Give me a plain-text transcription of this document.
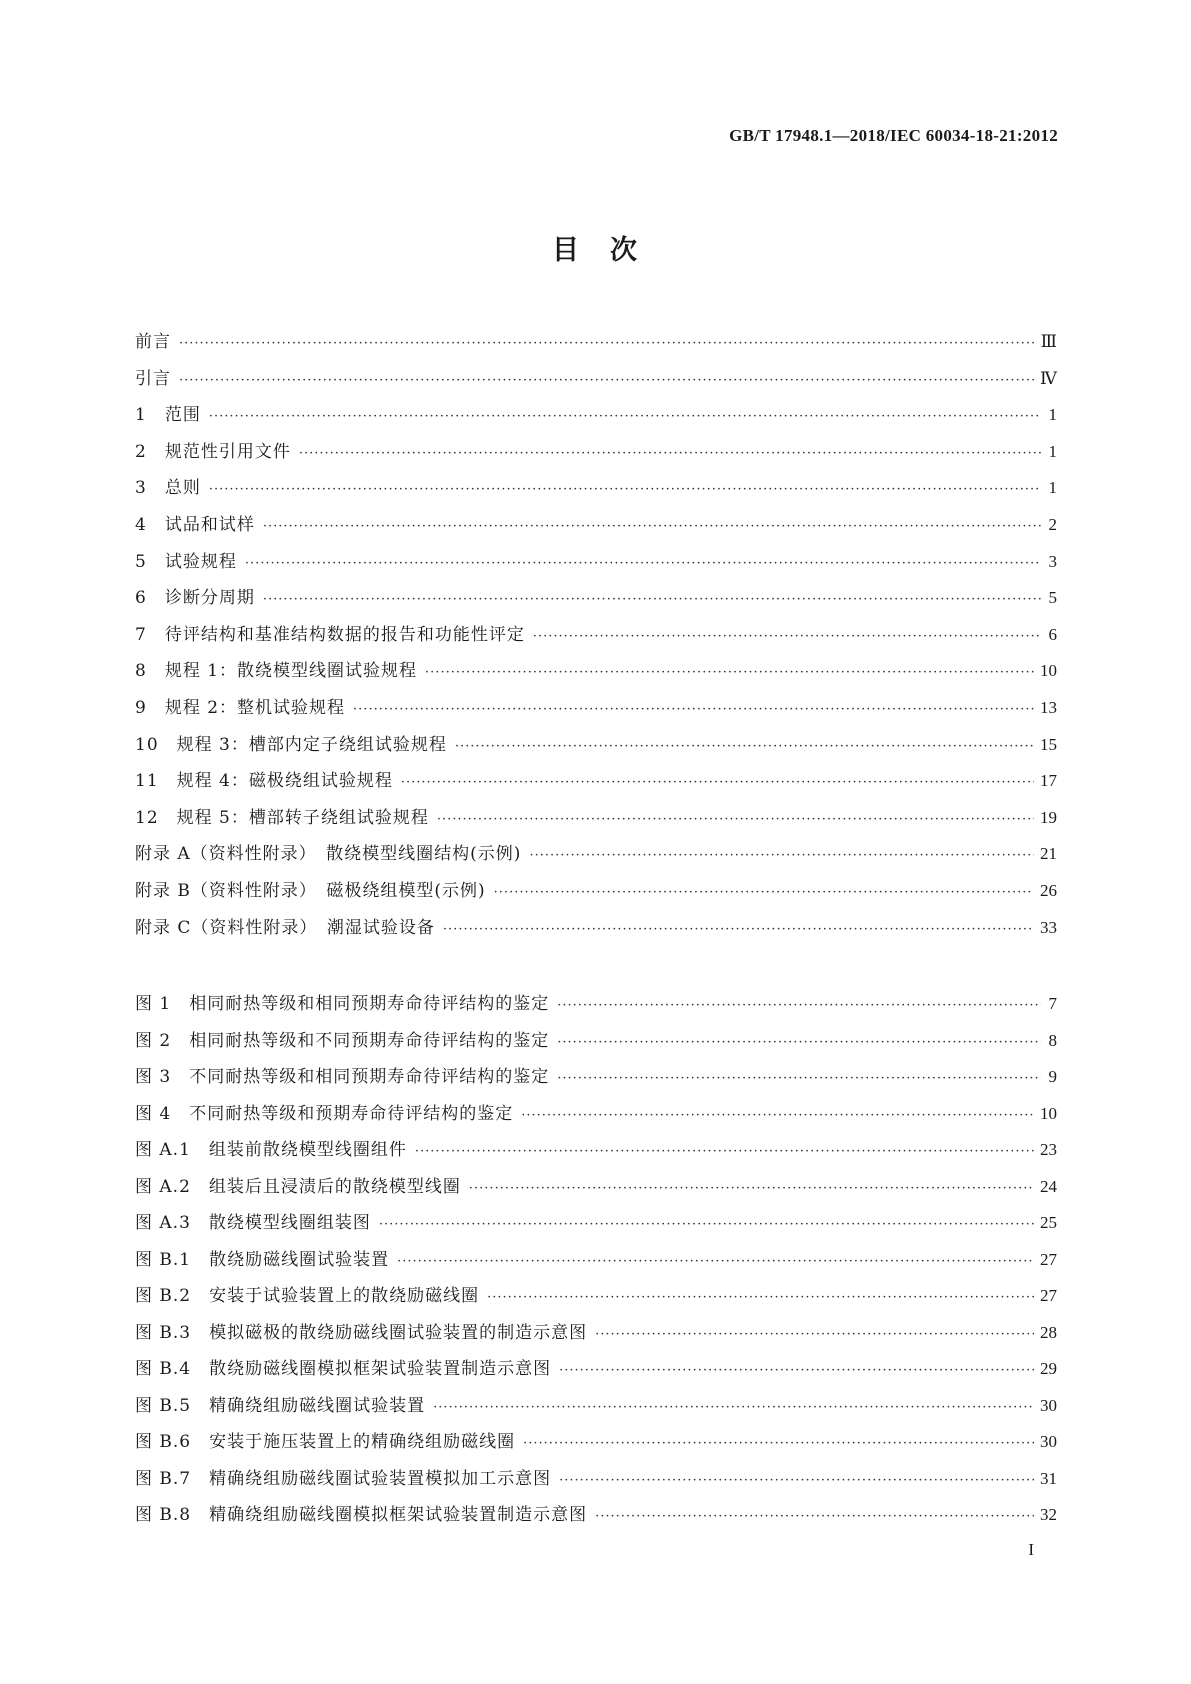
GB/T 17948.1—2018/IEC 60034-18-21:2012
目　次
前言 ·····	Ⅲ
引言 ·····	Ⅳ
1　范围 ·····	1
2　规范性引用文件 ·····	1
3　总则 ·····	1
4　试品和试样 ·····	2
5　试验规程 ·····	3
6　诊断分周期 ·····	5
7　待评结构和基准结构数据的报告和功能性评定 ·····	6
8　规程 1：散绕模型线圈试验规程 ·····	10
9　规程 2：整机试验规程 ·····	13
10　规程 3：槽部内定子绕组试验规程 ·····	15
11　规程 4：磁极绕组试验规程 ·····	17
12　规程 5：槽部转子绕组试验规程 ·····	19
附录 A（资料性附录）　散绕模型线圈结构(示例) ·····	21
附录 B（资料性附录）　磁极绕组模型(示例) ·····	26
附录 C（资料性附录）　潮湿试验设备 ·····	33
图 1　相同耐热等级和相同预期寿命待评结构的鉴定 ·····	7
图 2　相同耐热等级和不同预期寿命待评结构的鉴定 ·····	8
图 3　不同耐热等级和相同预期寿命待评结构的鉴定 ·····	9
图 4　不同耐热等级和预期寿命待评结构的鉴定 ·····	10
图 A.1　组装前散绕模型线圈组件 ·····	23
图 A.2　组装后且浸渍后的散绕模型线圈 ·····	24
图 A.3　散绕模型线圈组装图 ·····	25
图 B.1　散绕励磁线圈试验装置 ·····	27
图 B.2　安装于试验装置上的散绕励磁线圈 ·····	27
图 B.3　模拟磁极的散绕励磁线圈试验装置的制造示意图 ·····	28
图 B.4　散绕励磁线圈模拟框架试验装置制造示意图 ·····	29
图 B.5　精确绕组励磁线圈试验装置 ·····	30
图 B.6　安装于施压装置上的精确绕组励磁线圈 ·····	30
图 B.7　精确绕组励磁线圈试验装置模拟加工示意图 ·····	31
图 B.8　精确绕组励磁线圈模拟框架试验装置制造示意图 ·····	32
I
